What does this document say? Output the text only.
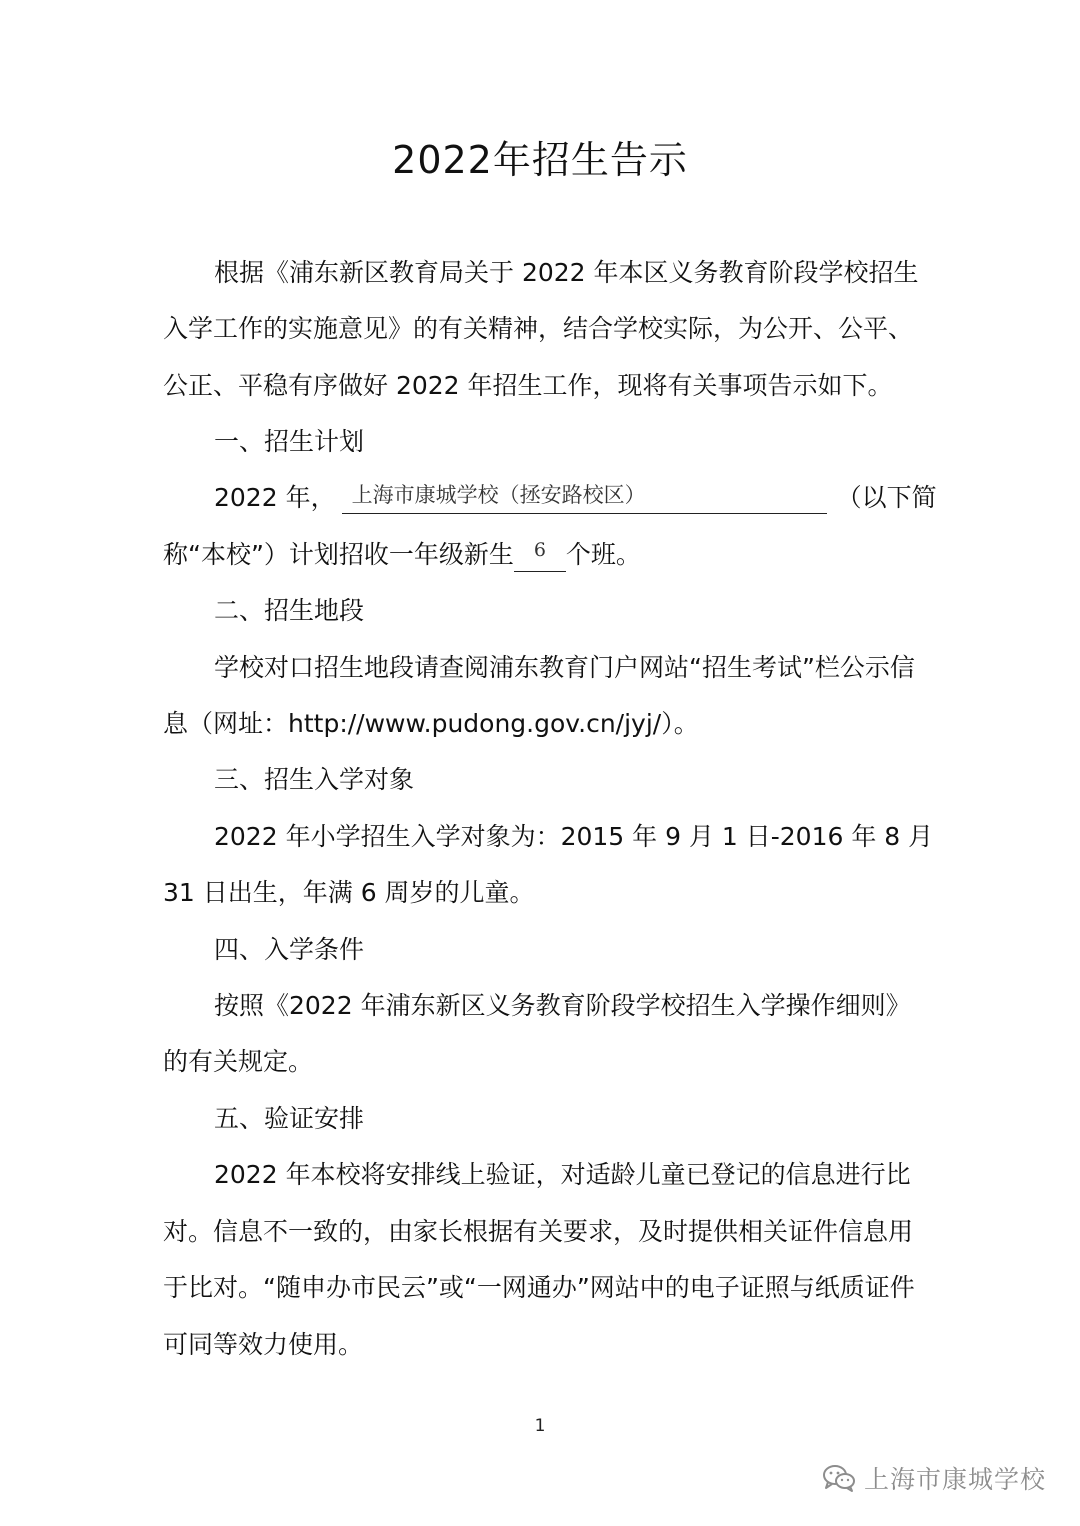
2022年招生告示
根据《浦东新区教育局关于 2022 年本区义务教育阶段学校招生
入学工作的实施意见》的有关精神，结合学校实际，为公开、公平、
公正、平稳有序做好 2022 年招生工作，现将有关事项告示如下。
一、招生计划
2022 年， 上海市康城学校（拯安路校区）	（以下简
称“本校”）计划招收一年级新生 6 个班。
二、招生地段
学校对口招生地段请查阅浦东教育门户网站“招生考试”栏公示信
息（网址：http://www.pudong.gov.cn/jyj/）。
三、招生入学对象
2022 年小学招生入学对象为：2015 年 9 月 1 日-2016 年 8 月
31 日出生，年满 6 周岁的儿童。
四、入学条件
按照《2022 年浦东新区义务教育阶段学校招生入学操作细则》
的有关规定。
五、验证安排
2022 年本校将安排线上验证，对适龄儿童已登记的信息进行比
对。信息不一致的，由家长根据有关要求，及时提供相关证件信息用
于比对。“随申办市民云”或“一网通办”网站中的电子证照与纸质证件
可同等效力使用。
1
上海市康城学校
